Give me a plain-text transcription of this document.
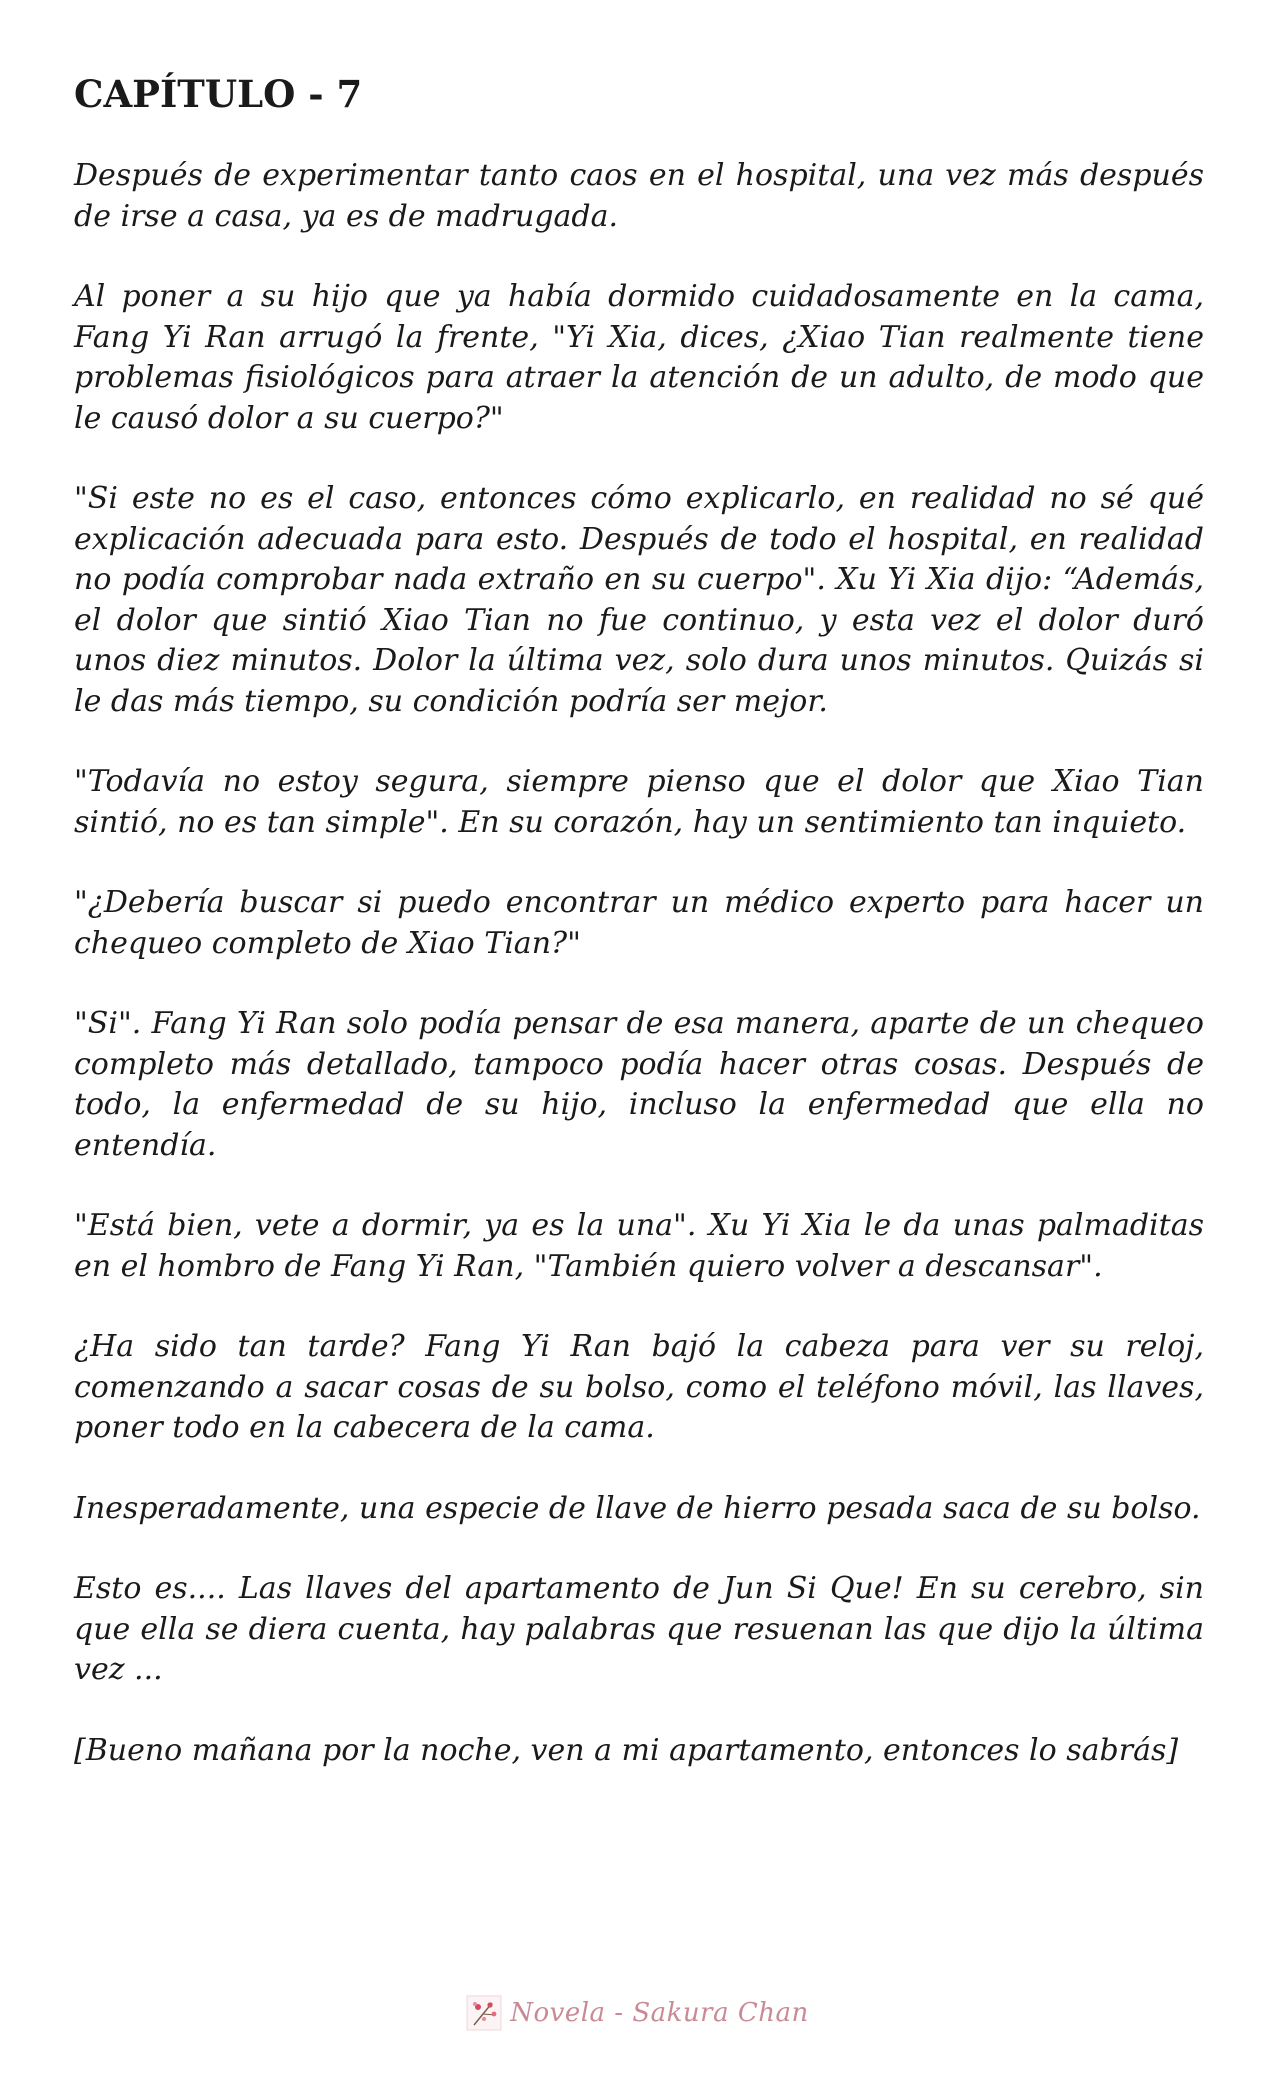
CAPÍTULO - 7

Después de experimentar tanto caos en el hospital, una vez más después de irse a casa, ya es de madrugada.

Al poner a su hijo que ya había dormido cuidadosamente en la cama, Fang Yi Ran arrugó la frente, "Yi Xia, dices, ¿Xiao Tian realmente tiene problemas fisiológicos para atraer la atención de un adulto, de modo que le causó dolor a su cuerpo?"

"Si este no es el caso, entonces cómo explicarlo, en realidad no sé qué explicación adecuada para esto. Después de todo el hospital, en realidad no podía comprobar nada extraño en su cuerpo". Xu Yi Xia dijo: “Además, el dolor que sintió Xiao Tian no fue continuo, y esta vez el dolor duró unos diez minutos. Dolor la última vez, solo dura unos minutos. Quizás si le das más tiempo, su condición podría ser mejor.

"Todavía no estoy segura, siempre pienso que el dolor que Xiao Tian sintió, no es tan simple". En su corazón, hay un sentimiento tan inquieto.

"¿Debería buscar si puedo encontrar un médico experto para hacer un chequeo completo de Xiao Tian?"

"Si". Fang Yi Ran solo podía pensar de esa manera, aparte de un chequeo completo más detallado, tampoco podía hacer otras cosas. Después de todo, la enfermedad de su hijo, incluso la enfermedad que ella no entendía.

"Está bien, vete a dormir, ya es la una". Xu Yi Xia le da unas palmaditas en el hombro de Fang Yi Ran, "También quiero volver a descansar".

¿Ha sido tan tarde? Fang Yi Ran bajó la cabeza para ver su reloj, comenzando a sacar cosas de su bolso, como el teléfono móvil, las llaves, poner todo en la cabecera de la cama.

Inesperadamente, una especie de llave de hierro pesada saca de su bolso.

Esto es.... Las llaves del apartamento de Jun Si Que! En su cerebro, sin que ella se diera cuenta, hay palabras que resuenan las que dijo la última vez ...

[Bueno mañana por la noche, ven a mi apartamento, entonces lo sabrás]

Novela - Sakura Chan
